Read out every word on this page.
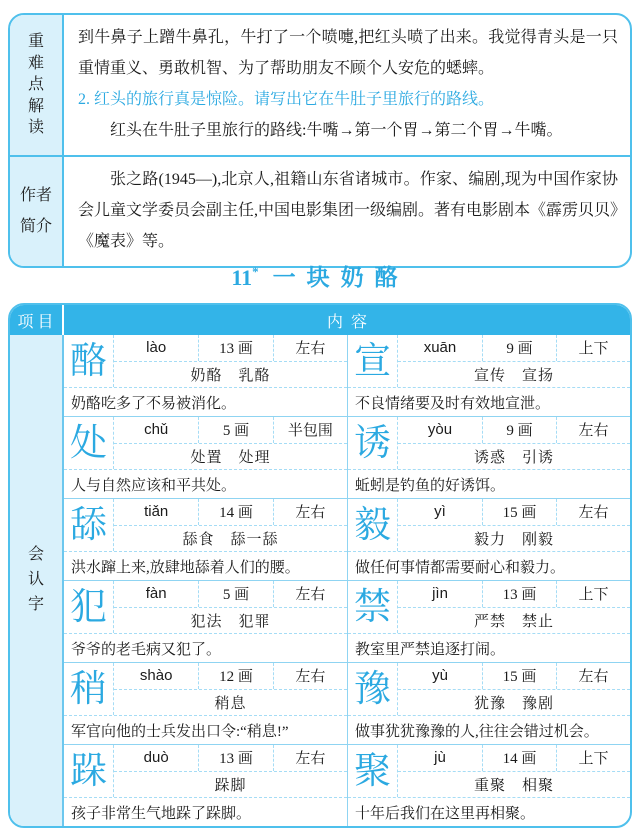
重难点解读

到牛鼻子上蹭牛鼻孔，牛打了一个喷嚏,把红头喷了出来。我觉得青头是一只重情重义、勇敢机智、为了帮助朋友不顾个人安危的蟋蟀。

2. 红头的旅行真是惊险。请写出它在牛肚子里旅行的路线。

红头在牛肚子里旅行的路线:牛嘴→第一个胃→第二个胃→牛嘴。

作者简介

张之路(1945—),北京人,祖籍山东省诸城市。作家、编剧,现为中国作家协会儿童文学委员会副主任,中国电影集团一级编剧。著有电影剧本《霹雳贝贝》《魔表》等。

11* 一块奶酪
项目	内容
会认字
酪	lào	13 画	左右
奶酪　乳酪
奶酪吃多了不易被消化。
宣	xuān	9 画	上下
宣传　宣扬
不良情绪要及时有效地宣泄。
处	chǔ	5 画	半包围
处置　处理
人与自然应该和平共处。
诱	yòu	9 画	左右
诱惑　引诱
蚯蚓是钓鱼的好诱饵。
舔	tiǎn	14 画	左右
舔食　舔一舔
洪水蹿上来,放肆地舔着人们的腰。
毅	yì	15 画	左右
毅力　刚毅
做任何事情都需要耐心和毅力。
犯	fàn	5 画	左右
犯法　犯罪
爷爷的老毛病又犯了。
禁	jìn	13 画	上下
严禁　禁止
教室里严禁追逐打闹。
稍	shào	12 画	左右
稍息
军官向他的士兵发出口令:“稍息!”
豫	yù	15 画	左右
犹豫　豫剧
做事犹犹豫豫的人,往往会错过机会。
跺	duò	13 画	左右
跺脚
孩子非常生气地跺了跺脚。
聚	jù	14 画	上下
重聚　相聚
十年后我们在这里再相聚。
